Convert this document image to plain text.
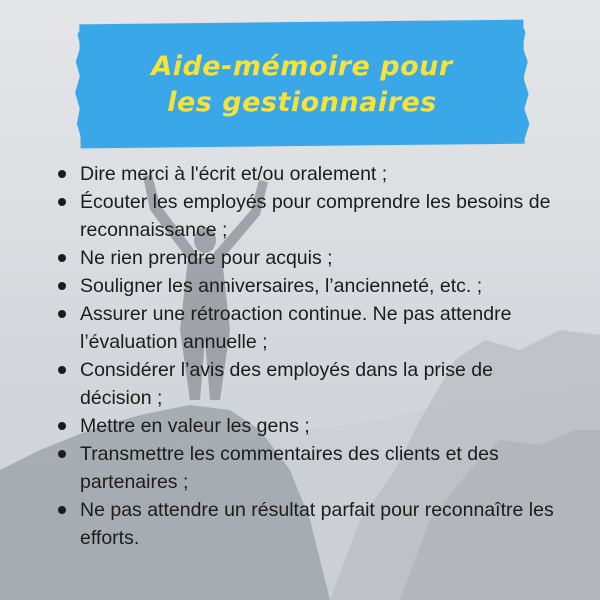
Aide-mémoire pour
les gestionnaires
Dire merci à l'écrit et/ou oralement ;
Écouter les employés pour comprendre les besoins de reconnaissance ;
Ne rien prendre pour acquis ;
Souligner les anniversaires, l’ancienneté, etc. ;
Assurer une rétroaction continue. Ne pas attendre l’évaluation annuelle ;
Considérer l’avis des employés dans la prise de décision ;
Mettre en valeur les gens ;
Transmettre les commentaires des clients et des partenaires ;
Ne pas attendre un résultat parfait pour reconnaître les efforts.
